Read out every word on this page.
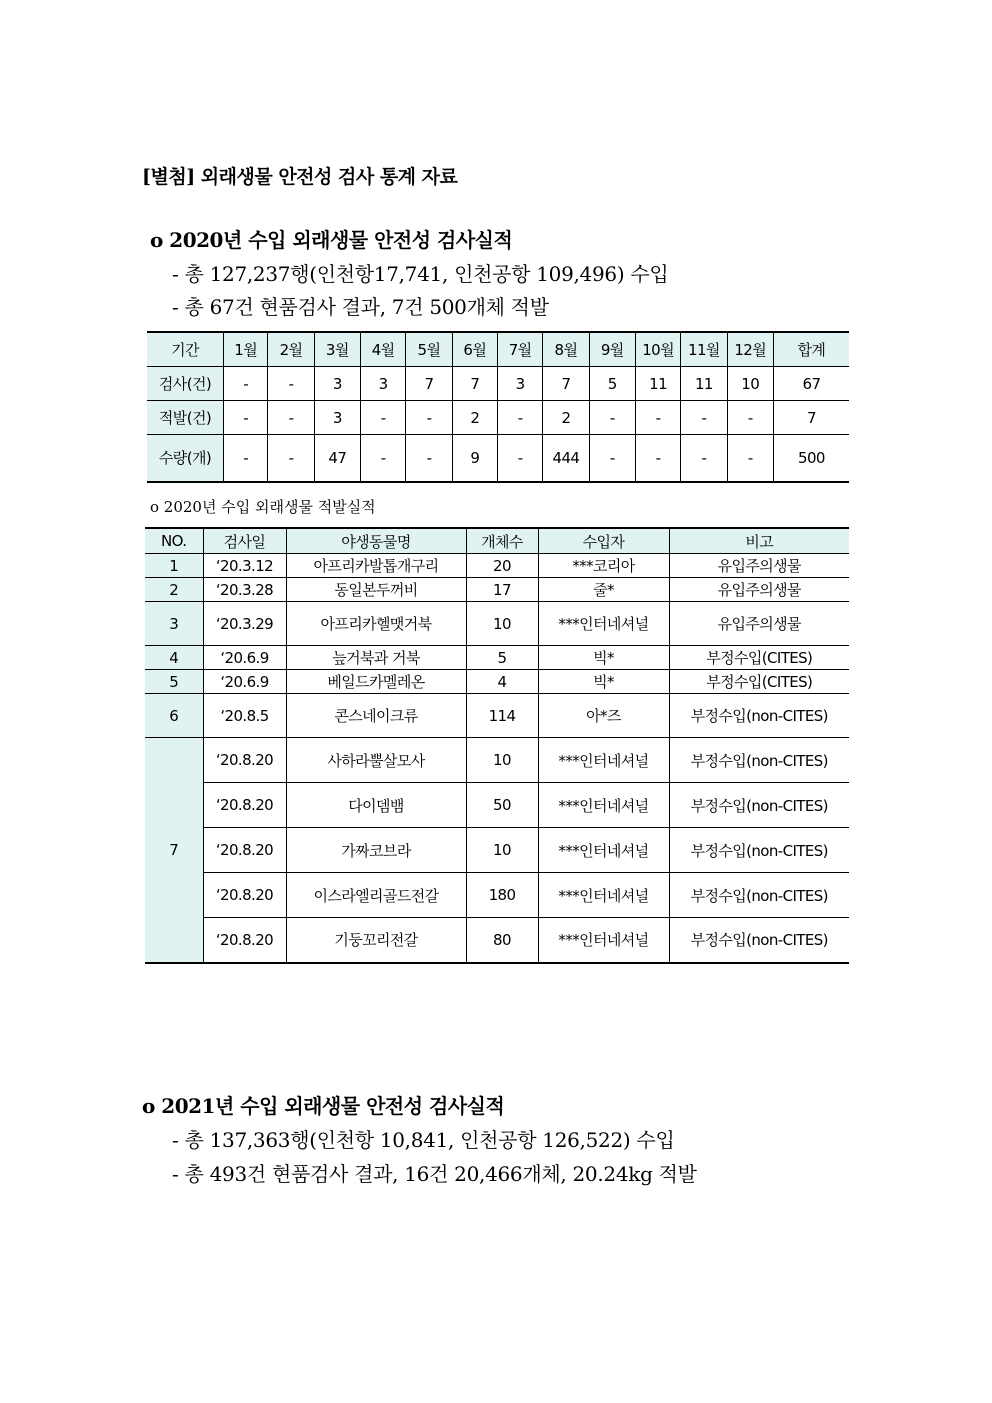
[별첨] 외래생물 안전성 검사 통계 자료
o 2020년 수입 외래생물 안전성 검사실적
- 총 127,237행(인천항17,741, 인천공항 109,496) 수입
- 총 67건 현품검사 결과, 7건 500개체 적발
기간	1월	2월	3월	4월	5월	6월	7월	8월	9월	10월	11월	12월	합계
검사(건)	-	-	3	3	7	7	3	7	5	11	11	10	67
적발(건)	-	-	3	-	-	2	-	2	-	-	-	-	7
수량(개)	-	-	47	-	-	9	-	444	-	-	-	-	500
o 2020년 수입 외래생물 적발실적
NO.	검사일	야생동물명	개체수	수입자	비고
1	‘20.3.12	아프리카발톱개구리	20	***코리아	유입주의생물
2	‘20.3.28	동일본두꺼비	17	줄*	유입주의생물
3	‘20.3.29	아프리카헬맷거북	10	***인터네셔널	유입주의생물
4	‘20.6.9	늪거북과 거북	5	빅*	부정수입(CITES)
5	‘20.6.9	베일드카멜레온	4	빅*	부정수입(CITES)
6	‘20.8.5	콘스네이크류	114	아*즈	부정수입(non-CITES)
7	‘20.8.20	사하라뿔살모사	10	***인터네셔널	부정수입(non-CITES)
	‘20.8.20	다이뎀뱀	50	***인터네셔널	부정수입(non-CITES)
	‘20.8.20	가짜코브라	10	***인터네셔널	부정수입(non-CITES)
	‘20.8.20	이스라엘리골드전갈	180	***인터네셔널	부정수입(non-CITES)
	‘20.8.20	기둥꼬리전갈	80	***인터네셔널	부정수입(non-CITES)
o 2021년 수입 외래생물 안전성 검사실적
- 총 137,363행(인천항 10,841, 인천공항 126,522) 수입
- 총 493건 현품검사 결과, 16건 20,466개체, 20.24kg 적발
